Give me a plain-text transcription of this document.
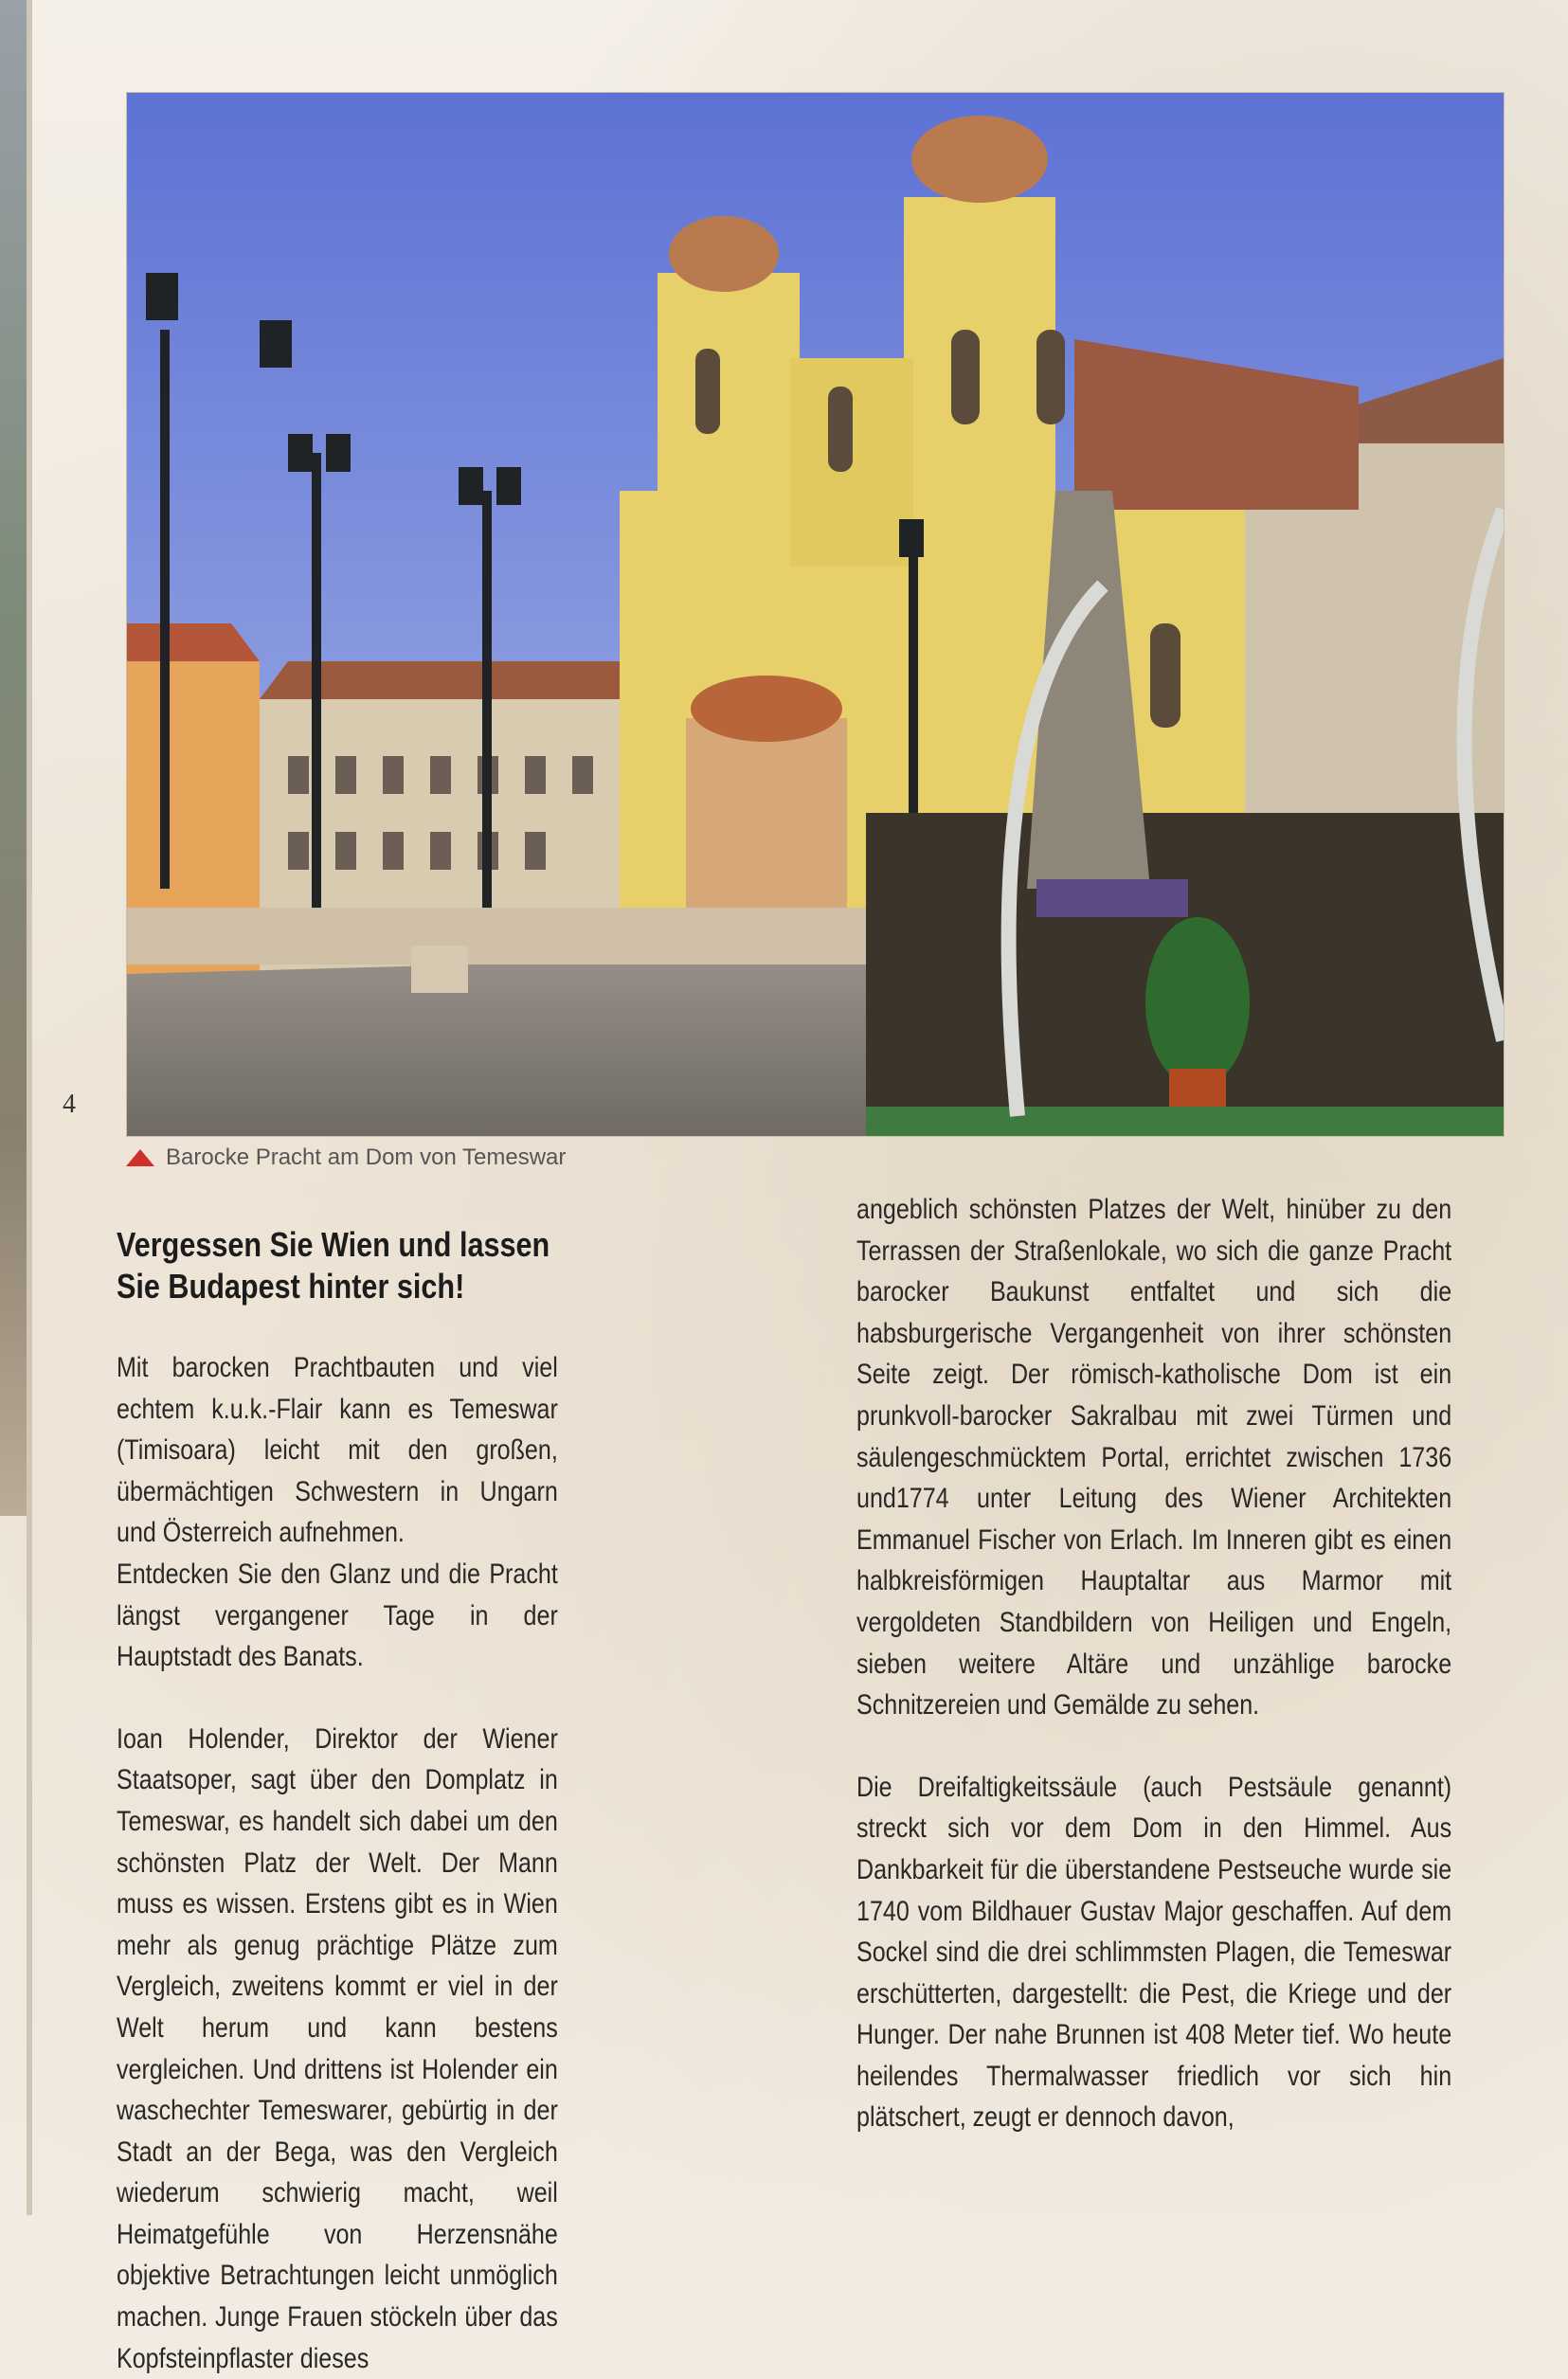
4
Barocke Pracht am Dom von Temeswar
Vergessen Sie Wien und lassen Sie Budapest hinter sich!

Mit barocken Prachtbauten und viel echtem k.u.k.-Flair kann es Temeswar (Timisoara) leicht mit den großen, übermächtigen Schwestern in Ungarn und Österreich aufnehmen.

Entdecken Sie den Glanz und die Pracht längst vergangener Tage in der Hauptstadt des Banats.

Ioan Holender, Direktor der Wiener Staatsoper, sagt über den Domplatz in Temeswar, es handelt sich dabei um den schönsten Platz der Welt. Der Mann muss es wissen. Erstens gibt es in Wien mehr als genug prächtige Plätze zum Vergleich, zweitens kommt er viel in der Welt herum und kann bestens vergleichen. Und drittens ist Holender ein waschechter Temeswarer, gebürtig in der Stadt an der Bega, was den Vergleich wiederum schwierig macht, weil Heimatgefühle von Herzensnähe objektive Betrachtungen leicht unmöglich machen. Junge Frauen stöckeln über das Kopfsteinpflaster dieses

angeblich schönsten Platzes der Welt, hinüber zu den Terrassen der Straßenlokale, wo sich die ganze Pracht barocker Baukunst entfaltet und sich die habsburgerische Vergangenheit von ihrer schönsten Seite zeigt. Der römisch-katholische Dom ist ein prunkvoll-barocker Sakralbau mit zwei Türmen und säulengeschmücktem Portal, errichtet zwischen 1736 und1774 unter Leitung des Wiener Architekten Emmanuel Fischer von Erlach. Im Inneren gibt es einen halbkreisförmigen Hauptaltar aus Marmor mit vergoldeten Standbildern von Heiligen und Engeln, sieben weitere Altäre und unzählige barocke Schnitzereien und Gemälde zu sehen.

Die Dreifaltigkeitssäule (auch Pestsäule genannt) streckt sich vor dem Dom in den Himmel. Aus Dankbarkeit für die überstandene Pestseuche wurde sie 1740 vom Bildhauer Gustav Major geschaffen. Auf dem Sockel sind die drei schlimmsten Plagen, die Temeswar erschütterten, dargestellt: die Pest, die Kriege und der Hunger. Der nahe Brunnen ist 408 Meter tief. Wo heute heilendes Thermalwasser friedlich vor sich hin plätschert, zeugt er dennoch davon,
